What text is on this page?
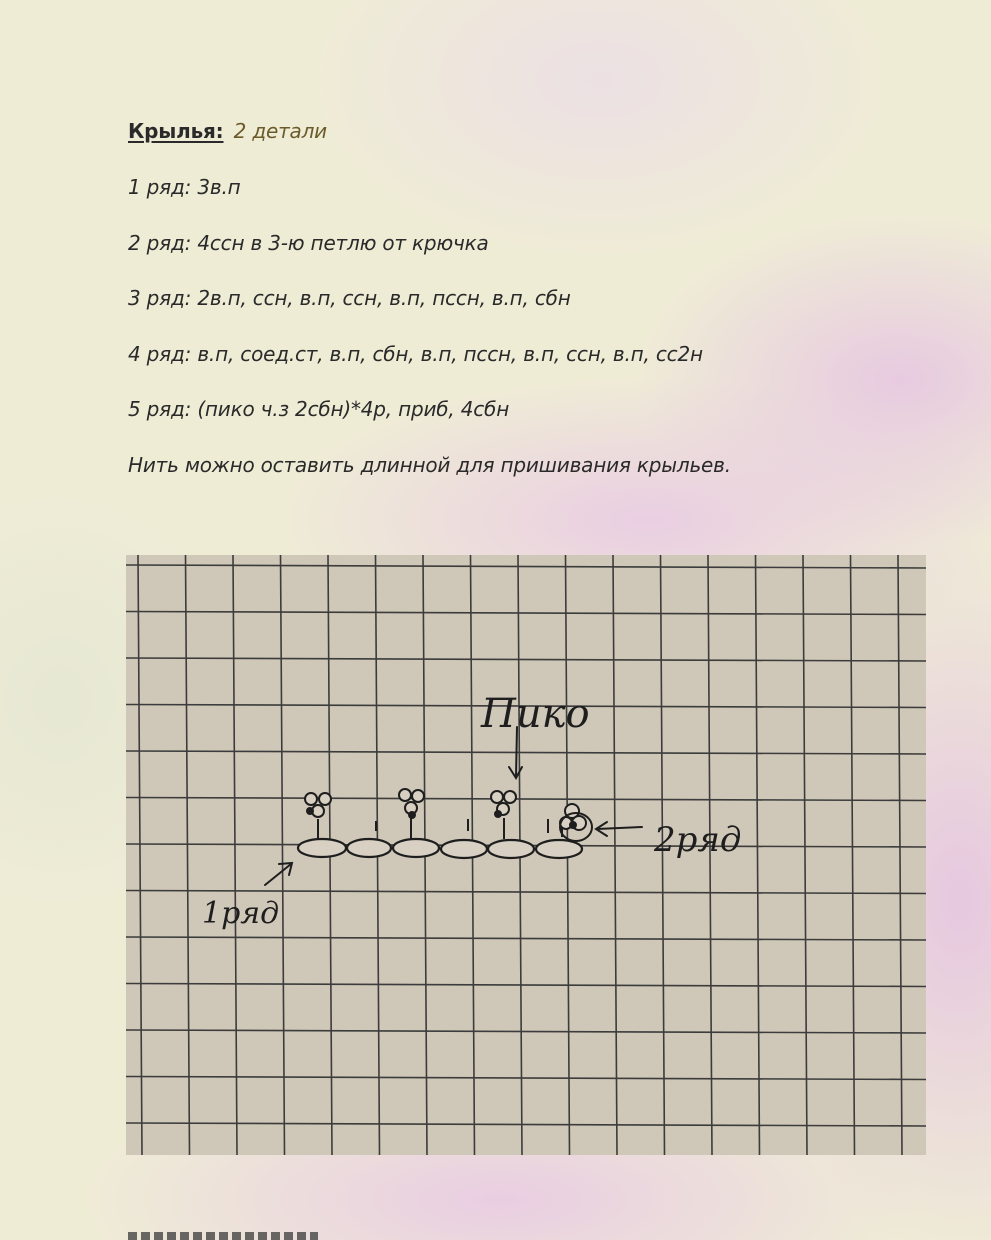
Крылья: 2 детали
1 ряд: 3в.п
2 ряд: 4ссн в 3-ю петлю от крючка
3 ряд: 2в.п, ссн, в.п, ссн, в.п, пссн, в.п, сбн
4 ряд: в.п, соед.ст, в.п, сбн, в.п, пссн, в.п, ссн, в.п, сс2н
5 ряд: (пико ч.з 2сбн)*4р, приб, 4сбн
Нить можно оставить длинной для пришивания крыльев.
Пико
2ряд
1ряд
